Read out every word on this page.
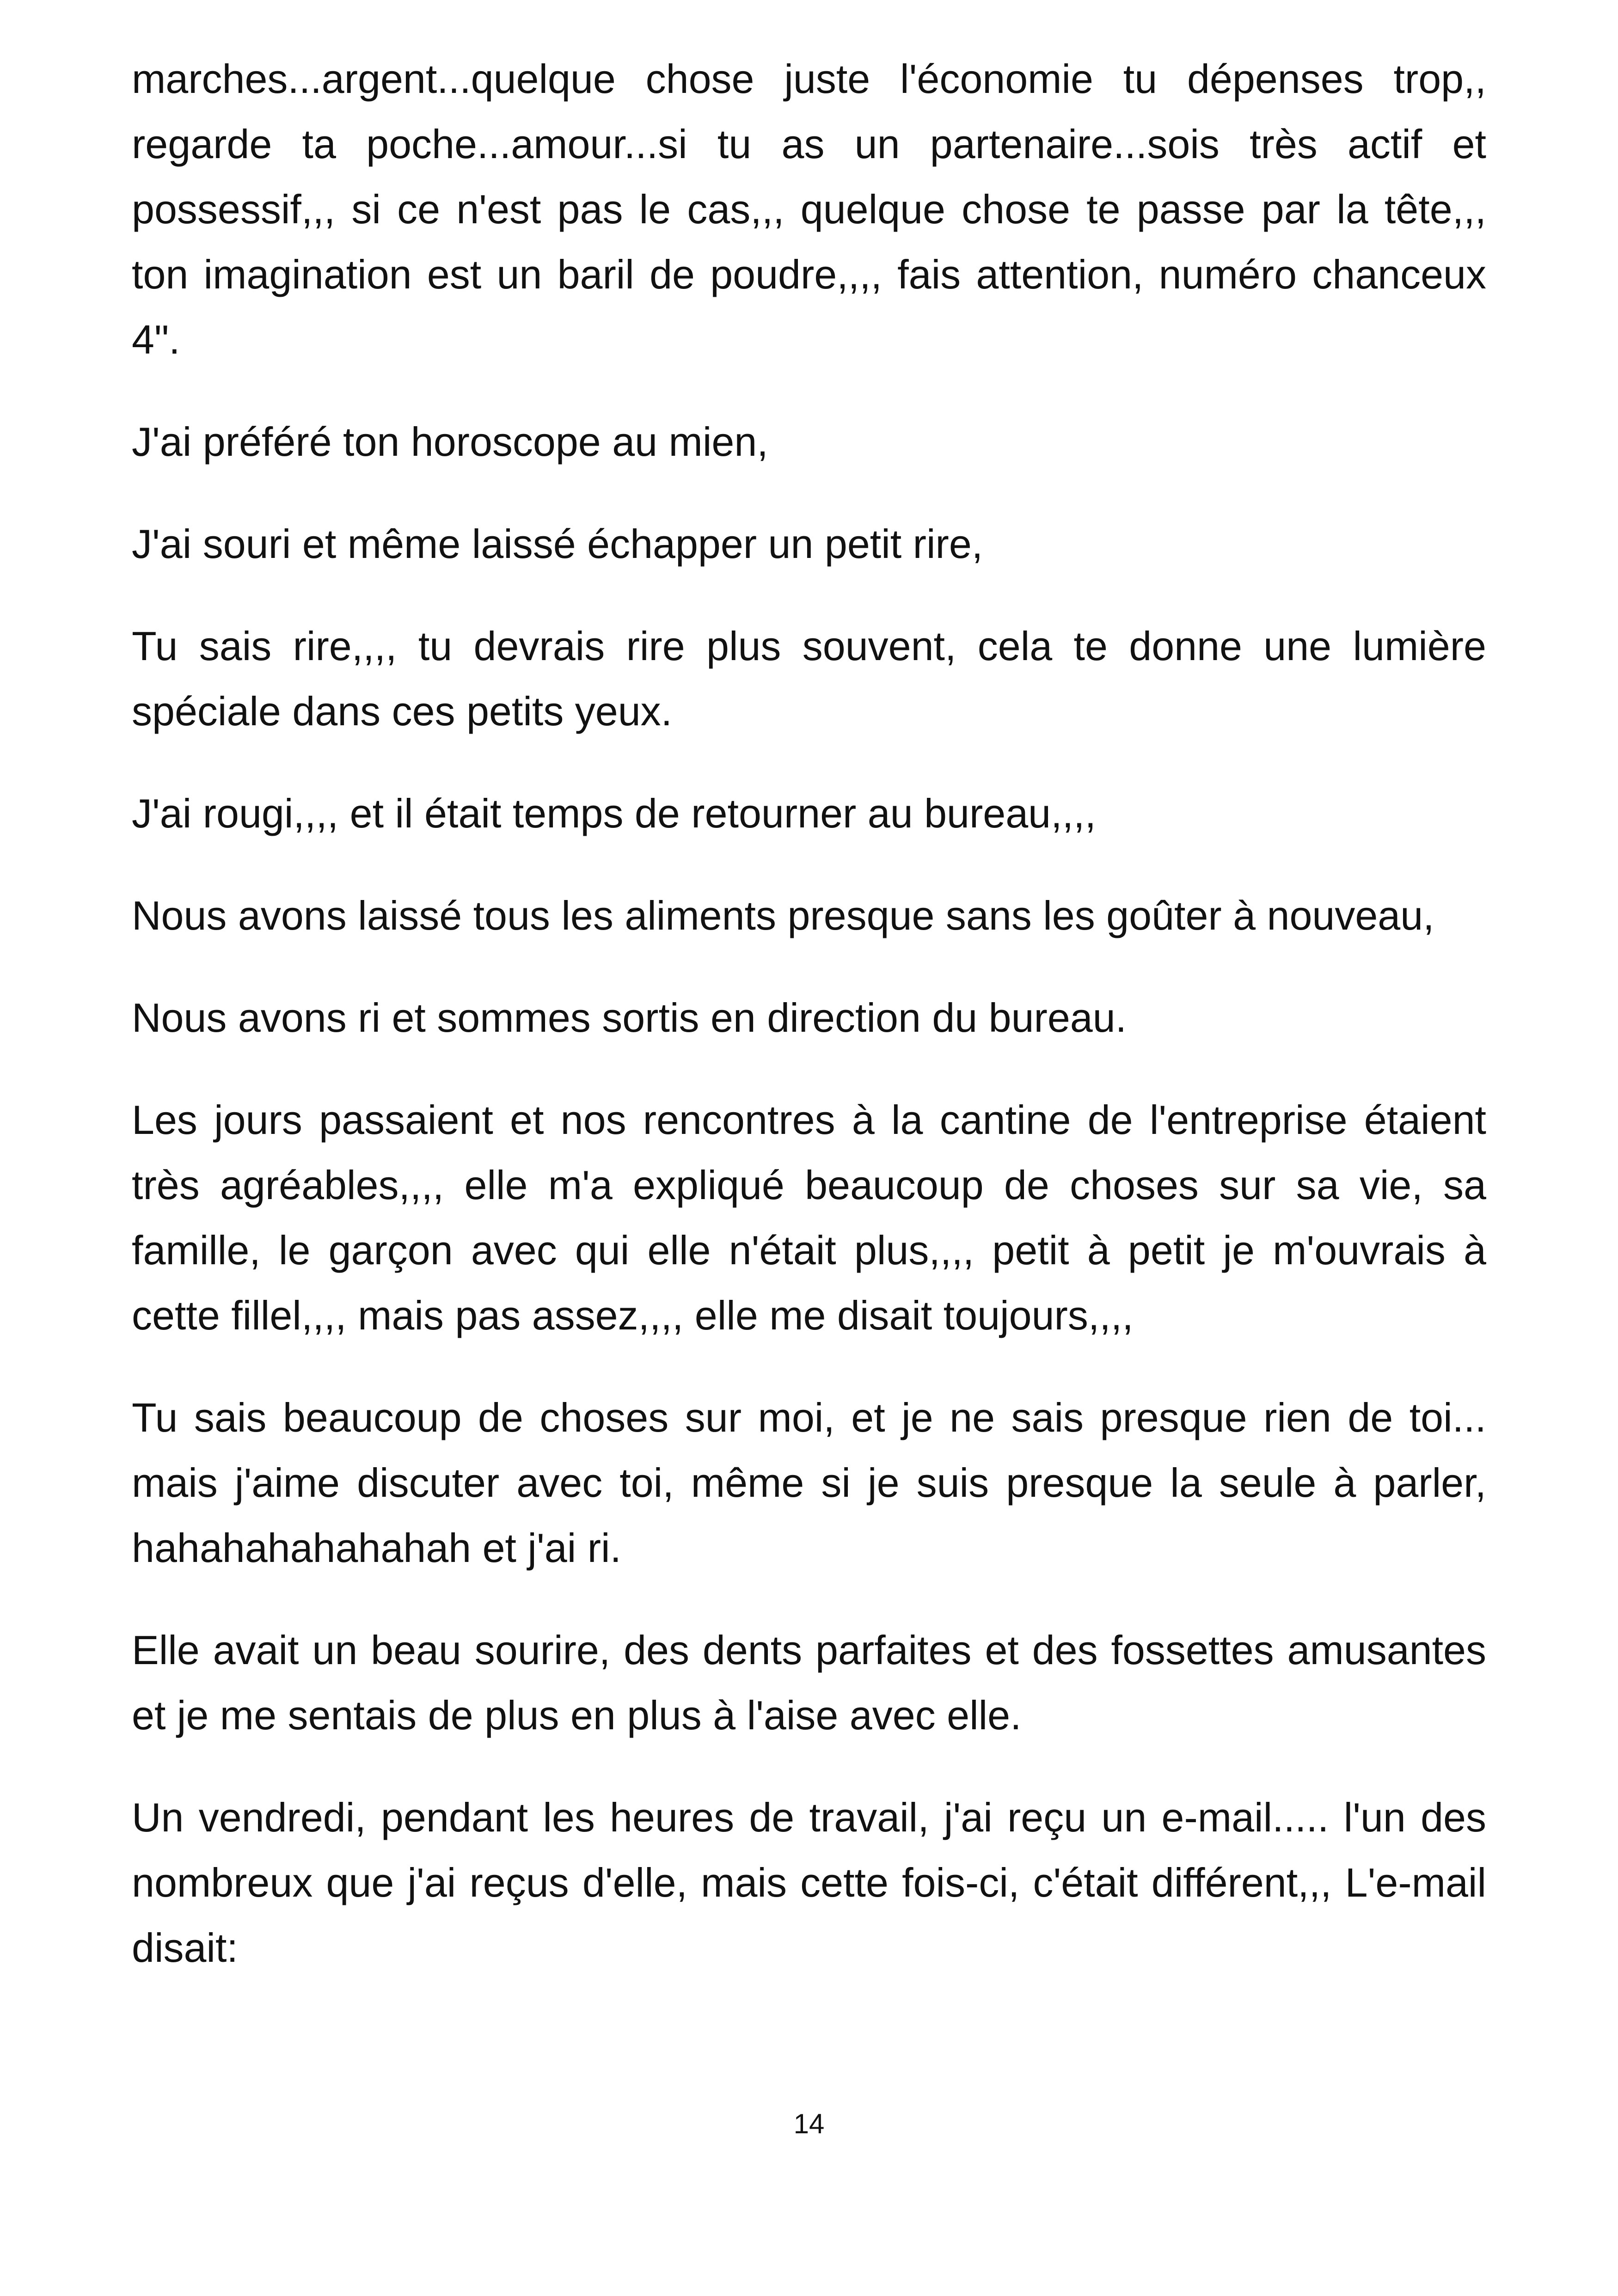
marches...argent...quelque chose juste l'économie tu dépenses trop,, regarde ta poche...amour...si tu as un partenaire...sois très actif et possessif,,, si ce n'est pas le cas,,, quelque chose te passe par la tête,,, ton imagination est un baril de poudre,,,, fais attention, numéro chanceux 4".

J'ai préféré ton horoscope au mien,

J'ai souri et même laissé échapper un petit rire,

Tu sais rire,,,, tu devrais rire plus souvent, cela te donne une lumière spéciale dans ces petits yeux.

J'ai rougi,,,, et il était temps de retourner au bureau,,,,

Nous avons laissé tous les aliments presque sans les goûter à nouveau,

Nous avons ri et sommes sortis en direction du bureau.

Les jours passaient et nos rencontres à la cantine de l'entreprise étaient très agréables,,,, elle m'a expliqué beaucoup de choses sur sa vie, sa famille, le garçon avec qui elle n'était plus,,,, petit à petit je m'ouvrais à cette fillel,,,, mais pas assez,,,, elle me disait toujours,,,,

Tu sais beaucoup de choses sur moi, et je ne sais presque rien de toi... mais j'aime discuter avec toi, même si je suis presque la seule à parler, hahahahahahahah et j'ai ri.

Elle avait un beau sourire, des dents parfaites et des fossettes amusantes et je me sentais de plus en plus à l'aise avec elle.

Un vendredi, pendant les heures de travail, j'ai reçu un e-mail..... l'un des nombreux que j'ai reçus d'elle, mais cette fois-ci, c'était différent,,, L'e-mail disait:

14
